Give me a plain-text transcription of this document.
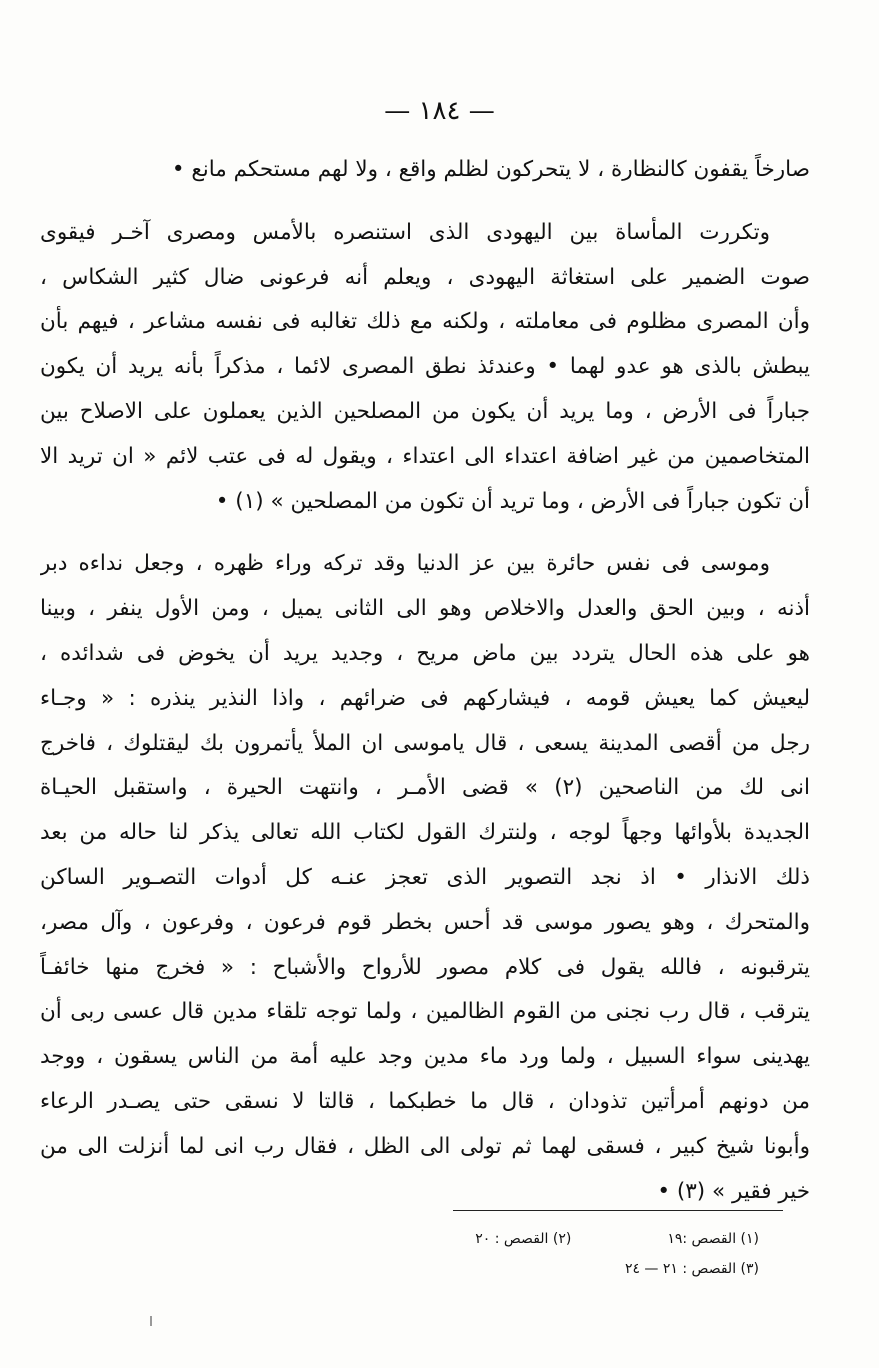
— ١٨٤ —
صارخاً يقفون كالنظارة ، لا يتحركون لظلم واقع ، ولا لهم مستحكم مانع •
وتكررت المأساة بين اليهودى الذى استنصره بالأمس ومصرى آخـر فيقوى
صوت الضمير على استغاثة اليهودى ، ويعلم أنه فرعونى ضال كثير الشكاس ،
وأن المصرى مظلوم فى معاملته ، ولكنه مع ذلك تغالبه فى نفسه مشاعر ، فيهم بأن
يبطش بالذى هو عدو لهما • وعندئذ نطق المصرى لائما ، مذكراً بأنه يريد أن يكون
جباراً فى الأرض ، وما يريد أن يكون من المصلحين الذين يعملون على الاصلاح بين
المتخاصمين من غير اضافة اعتداء الى اعتداء ، ويقول له فى عتب لائم « ان تريد الا
أن تكون جباراً فى الأرض ، وما تريد أن تكون من المصلحين » (١) •
وموسى فى نفس حائرة بين عز الدنيا وقد تركه وراء ظهره ، وجعل نداءه دبر
أذنه ، وبين الحق والعدل والاخلاص وهو الى الثانى يميل ، ومن الأول ينفر ، وبينا
هو على هذه الحال يتردد بين ماض مريح ، وجديد يريد أن يخوض فى شدائده ،
ليعيش كما يعيش قومه ، فيشاركهم فى ضرائهم ، واذا النذير ينذره : « وجـاء
رجل من أقصى المدينة يسعى ، قال ياموسى ان الملأ يأتمرون بك ليقتلوك ، فاخرج
انى لك من الناصحين (٢) » قضى الأمـر ، وانتهت الحيرة ، واستقبل الحيـاة
الجديدة بلأوائها وجهاً لوجه ، ولنترك القول لكتاب الله تعالى يذكر لنا حاله من بعد
ذلك الانذار • اذ نجد التصوير الذى تعجز عنـه كل أدوات التصـوير الساكن
والمتحرك ، وهو يصور موسى قد أحس بخطر قوم فرعون ، وفرعون ، وآل مصر،
يترقبونه ، فالله يقول فى كلام مصور للأرواح والأشباح : « فخرج منها خائفـاً
يترقب ، قال رب نجنى من القوم الظالمين ، ولما توجه تلقاء مدين قال عسى ربى أن
يهدينى سواء السبيل ، ولما ورد ماء مدين وجد عليه أمة من الناس يسقون ، ووجد
من دونهم أمرأتين تذودان ، قال ما خطبكما ، قالتا لا نسقى حتى يصـدر الرعاء
وأبونا شيخ كبير ، فسقى لهما ثم تولى الى الظل ، فقال رب انى لما أنزلت الى من
خير فقير » (٣) •
(١) القصص :١٩
(٢) القصص : ٢٠
(٣) القصص : ٢١ — ٢٤
